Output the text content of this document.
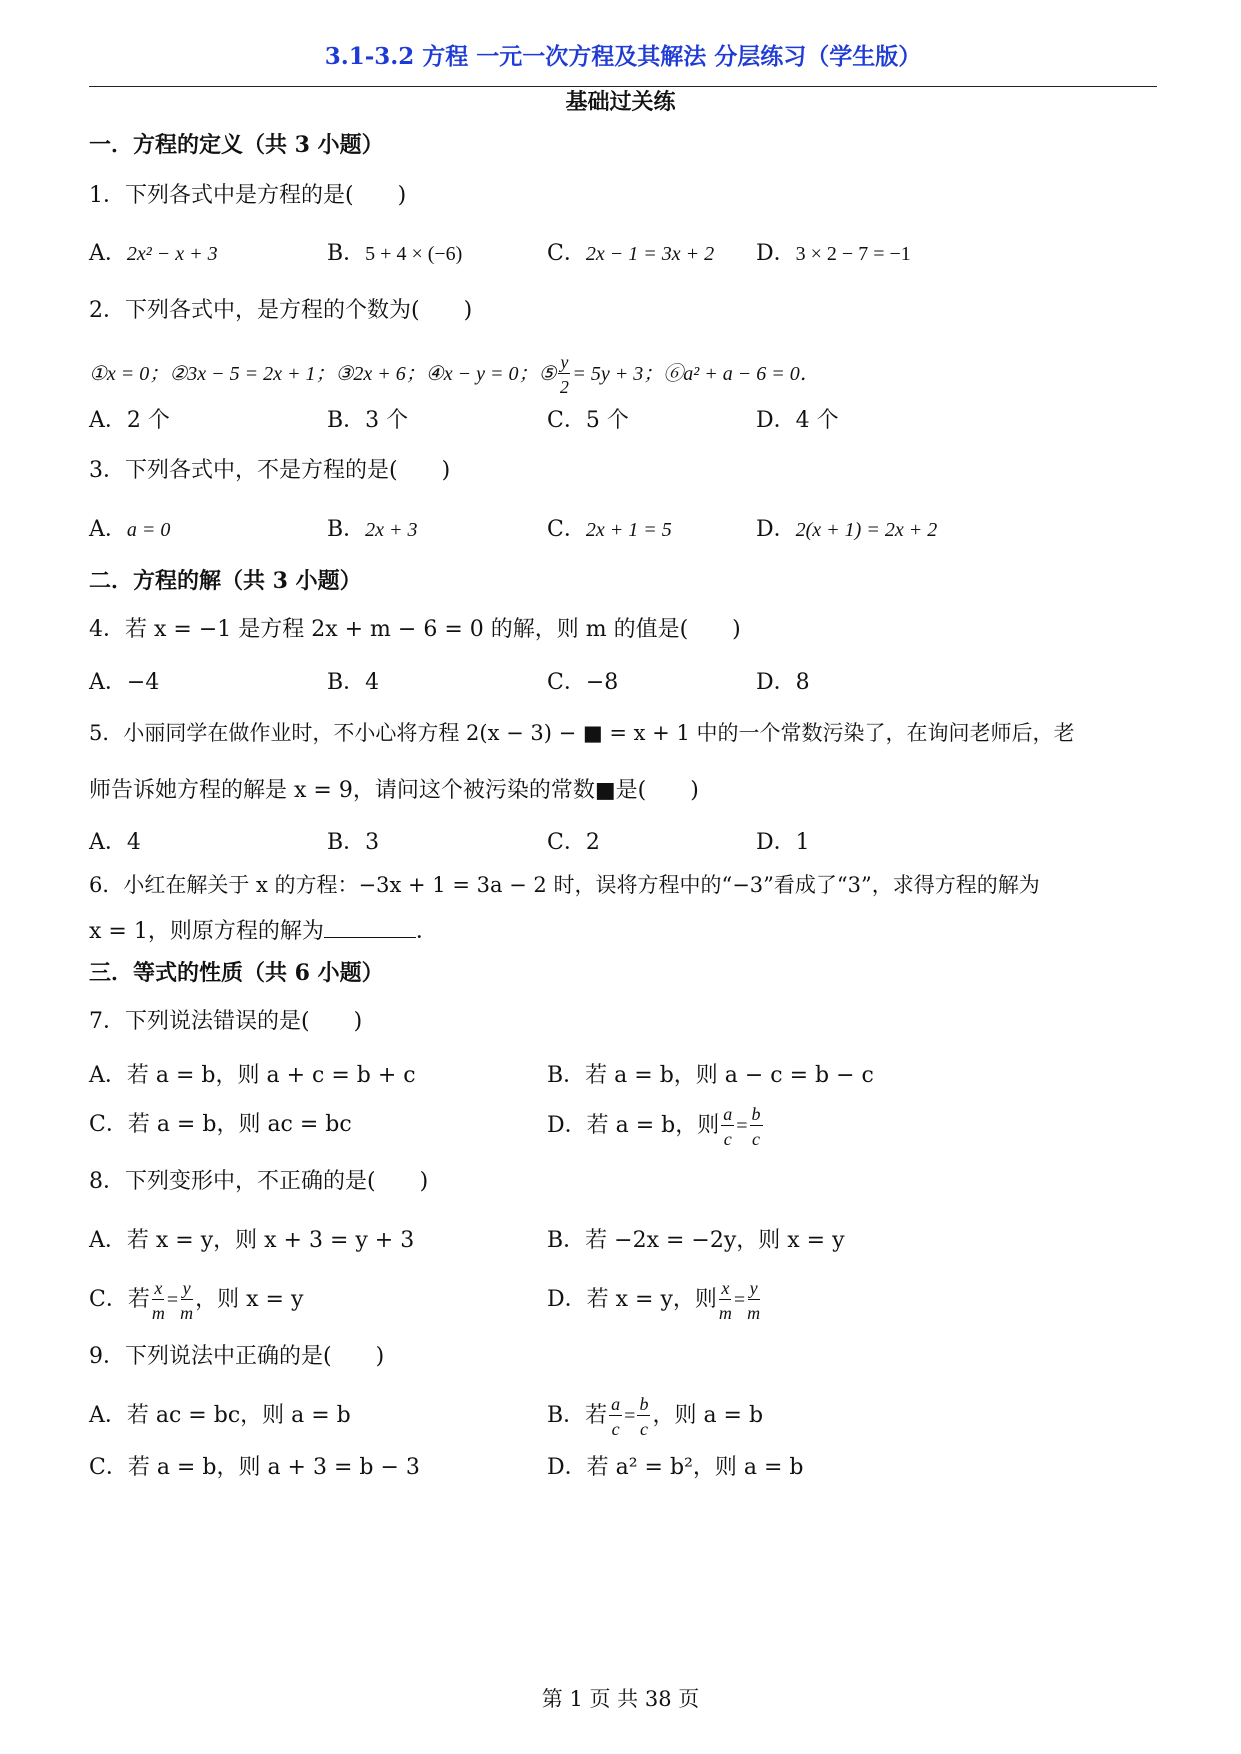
3.1-3.2 方程 一元一次方程及其解法 分层练习（学生版）
基础过关练
一．方程的定义（共 3 小题）
1．下列各式中是方程的是(　　)
A．2x² − x + 3	B．5 + 4 × (−6)	C．2x − 1 = 3x + 2 D．3 × 2 − 7 = −1
2．下列各式中，是方程的个数为(　　)
①x = 0；②3x − 5 = 2x + 1；③2x + 6；④x − y = 0；⑤ $\frac{y}{2} = 5y + 3$；⑥a² + a − 6 = 0．
A．2 个	B．3 个	C．5 个	D．4 个
3．下列各式中，不是方程的是(　　)
A．a = 0	B．2x + 3	C．2x + 1 = 5	D．2(x + 1) = 2x + 2
二．方程的解（共 3 小题）
4．若 x = −1 是方程 2x + m − 6 = 0 的解，则 m 的值是(　　)
A．−4	B．4	C．−8	D．8
5．小丽同学在做作业时，不小心将方程 2(x − 3) − ■ = x + 1 中的一个常数污染了，在询问老师后，老
师告诉她方程的解是 x = 9，请问这个被污染的常数■是(　　)
A．4	B．3	C．2	D．1
6．小红在解关于 x 的方程：−3x + 1 = 3a − 2 时，误将方程中的“−3”看成了“3”，求得方程的解为
x = 1，则原方程的解为	．
三．等式的性质（共 6 小题）
7．下列说法错误的是(　　)
A．若 a = b，则 a + c = b + c	B．若 a = b，则 a − c = b − c
C．若 a = b，则 ac = bc	D．若 a = b，则 $\frac{a}{c} = \frac{b}{c}$
8．下列变形中，不正确的是(　　)
A．若 x = y，则 x + 3 = y + 3	B．若 −2x = −2y，则 x = y
C．若 $\frac{x}{m} = \frac{y}{m}$ ，则 x = y	D．若 x = y，则 $\frac{x}{m} = \frac{y}{m}$
9．下列说法中正确的是(　　)
A．若 ac = bc，则 a = b	B．若 $\frac{a}{c} = \frac{b}{c}$ ，则 a = b
C．若 a = b，则 a + 3 = b − 3	D．若 a² = b²，则 a = b
第 1 页 共 38 页
